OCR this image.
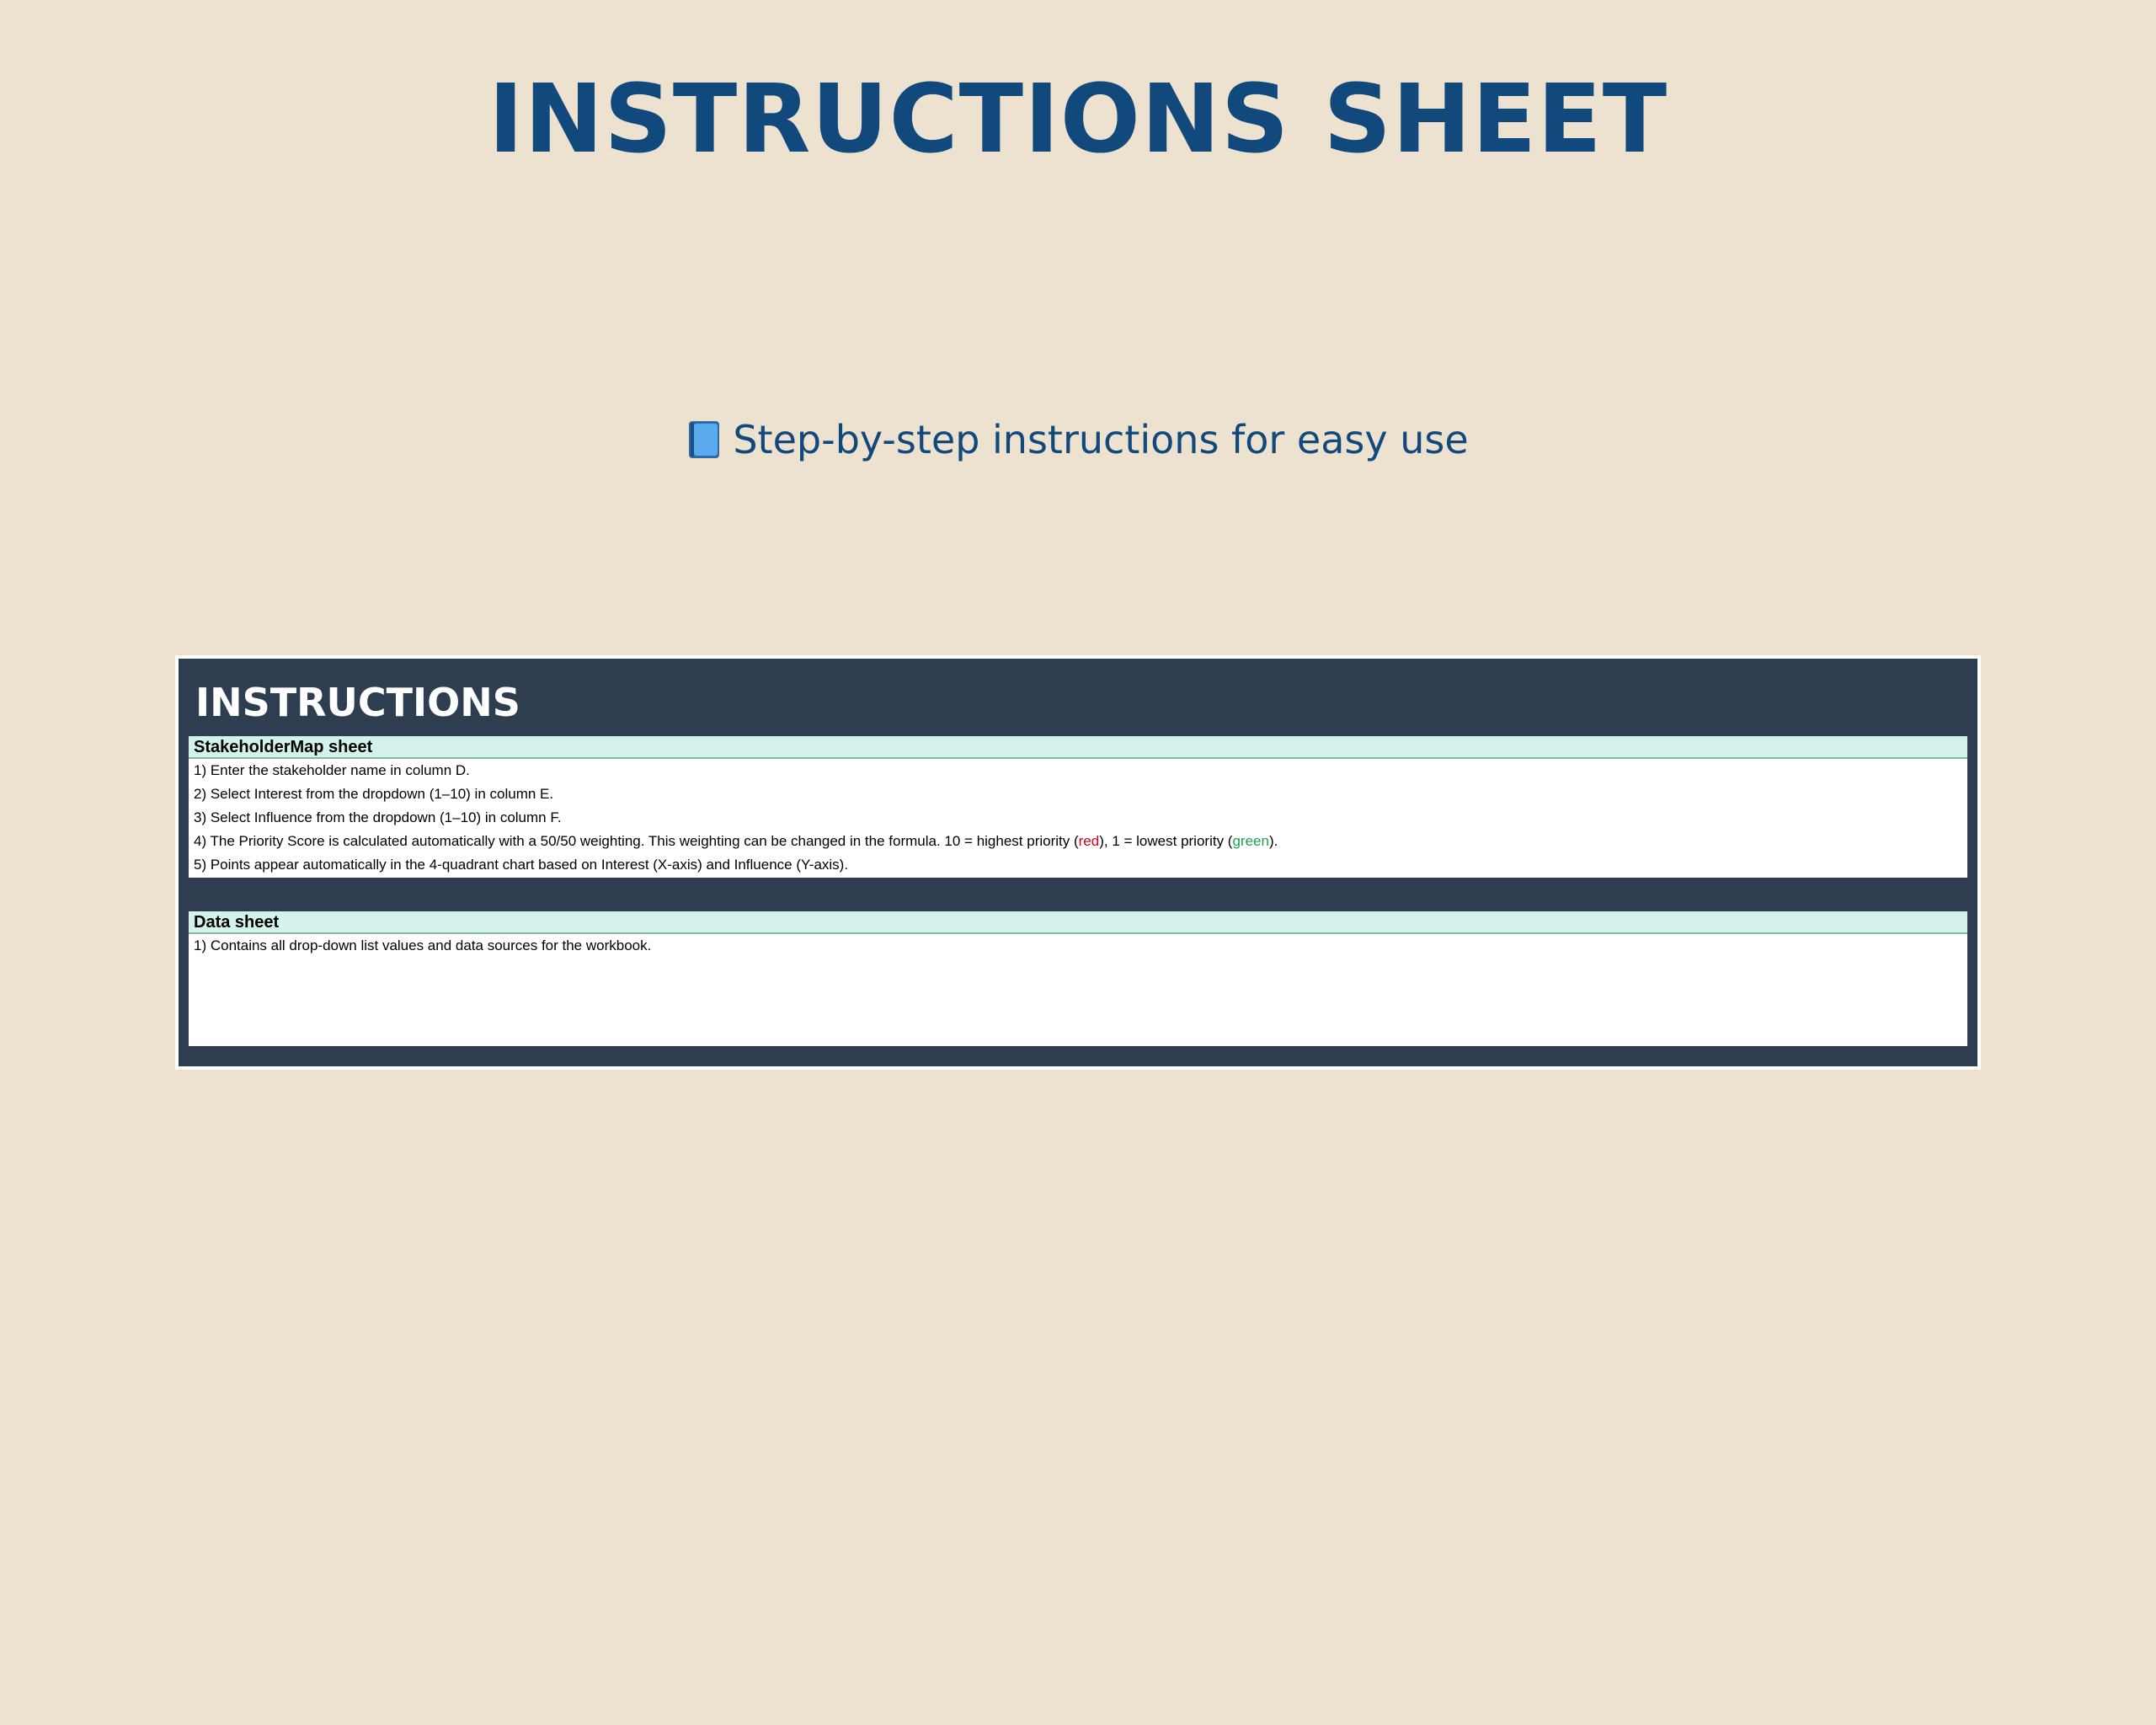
INSTRUCTIONS SHEET
Step-by-step instructions for easy use
INSTRUCTIONS
StakeholderMap sheet
1) Enter the stakeholder name in column D.
2) Select Interest from the dropdown (1–10) in column E.
3) Select Influence from the dropdown (1–10) in column F.
4) The Priority Score is calculated automatically with a 50/50 weighting. This weighting can be changed in the formula. 10 = highest priority (red), 1 = lowest priority (green).
5) Points appear automatically in the 4-quadrant chart based on Interest (X-axis) and Influence (Y-axis).
Data sheet
1) Contains all drop-down list values and data sources for the workbook.
